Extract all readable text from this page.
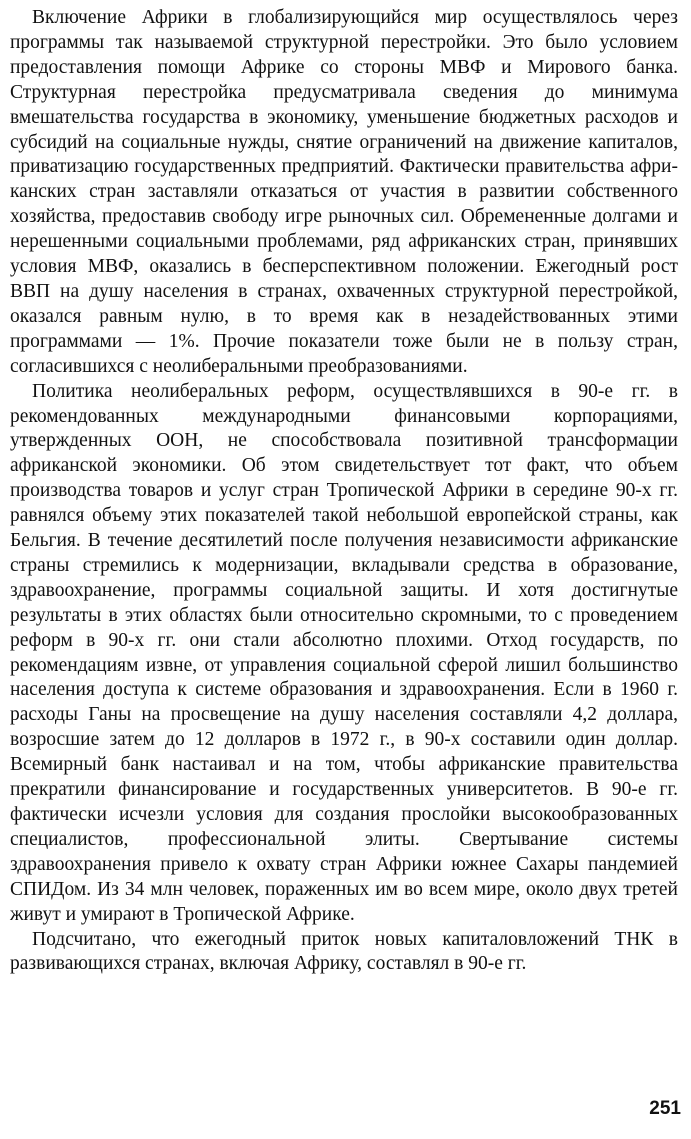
Включение Африки в глобализирующийся мир осуществлялось через программы так называемой структурной перестройки. Это было условием предоставления помощи Африке со стороны МВФ и Мирового банка. Структурная перестройка предусматривала сведения до минимума вмешательства государства в экономику, уменьшение бюджетных расходов и субсидий на социальные нужды, снятие ограничений на движение капиталов, приватизацию государственных предприятий. Фактически правительства африканских стран заставляли отказаться от участия в развитии собственного хозяйства, предоставив свободу игре рыночных сил. Обремененные долгами и нерешенными социальными проблемами, ряд африканских стран, принявших условия МВФ, оказались в бесперспективном положении. Ежегодный рост ВВП на душу населения в странах, охваченных структурной перестройкой, оказался равным нулю, в то время как в незадействованных этими программами — 1%. Прочие показатели тоже были не в пользу стран, согласившихся с неолиберальными преобразованиями.

Политика неолиберальных реформ, осуществлявшихся в 90-е гг. в рекомендованных международными финансовыми корпорациями, утвержденных ООН, не способствовала позитивной трансформации африканской экономики. Об этом свидетельствует тот факт, что объем производства товаров и услуг стран Тропической Африки в середине 90-х гг. равнялся объему этих показателей такой небольшой европейской страны, как Бельгия. В течение десятилетий после получения независимости африканские страны стремились к модернизации, вкладывали средства в образование, здравоохранение, программы социальной защиты. И хотя достигнутые результаты в этих областях были относительно скромными, то с проведением реформ в 90-х гг. они стали абсолютно плохими. Отход государств, по рекомендациям извне, от управления социальной сферой лишил большинство населения доступа к системе образования и здравоохранения. Если в 1960 г. расходы Ганы на просвещение на душу населения составляли 4,2 доллара, возросшие затем до 12 долларов в 1972 г., в 90-х составили один доллар. Всемирный банк настаивал и на том, чтобы африканские правительства прекратили финансирование и государственных университетов. В 90-е гг. фактически исчезли условия для создания прослойки высокообразованных специалистов, профессиональной элиты. Свертывание системы здравоохранения привело к охвату стран Африки южнее Сахары пандемией СПИДом. Из 34 млн человек, пораженных им во всем мире, около двух третей живут и умирают в Тропической Африке.

Подсчитано, что ежегодный приток новых капиталовложений ТНК в развивающихся странах, включая Африку, составлял в 90-е гг.

251
